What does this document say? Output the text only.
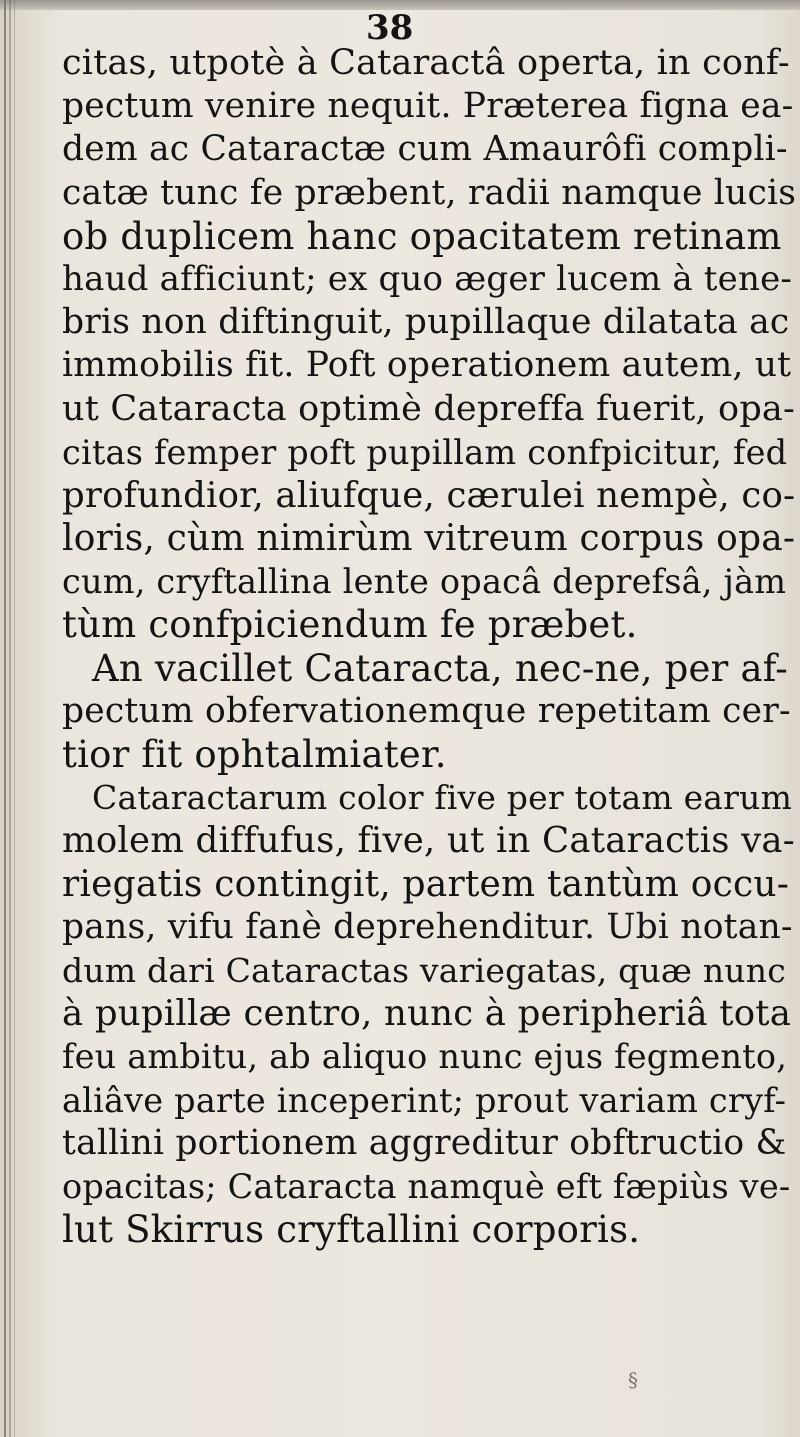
38
citas, utpotè à Cataractâ operta, in conf-
pectum venire nequit. Præterea figna ea-
dem ac Cataractæ cum Amaurôfi compli-
catæ tunc fe præbent, radii namque lucis
ob duplicem hanc opacitatem retinam
haud afficiunt; ex quo æger lucem à tene-
bris non diftinguit, pupillaque dilatata ac
immobilis fit. Poft operationem autem, ut
ut Cataracta optimè depreffa fuerit, opa-
citas femper poft pupillam confpicitur, fed
profundior, aliufque, cærulei nempè, co-
loris, cùm nimirùm vitreum corpus opa-
cum, cryftallina lente opacâ deprefsâ, jàm
tùm confpiciendum fe præbet.
An vacillet Cataracta, nec-ne, per af-
pectum obfervationemque repetitam cer-
tior fit ophtalmiater.
Cataractarum color five per totam earum
molem diffufus, five, ut in Cataractis va-
riegatis contingit, partem tantùm occu-
pans, vifu fanè deprehenditur. Ubi notan-
dum dari Cataractas variegatas, quæ nunc
à pupillæ centro, nunc à peripheriâ tota
feu ambitu, ab aliquo nunc ejus fegmento,
aliâve parte inceperint; prout variam cryf-
tallini portionem aggreditur obftructio &
opacitas; Cataracta namquè eft fæpiùs ve-
lut Skirrus cryftallini corporis.
§
